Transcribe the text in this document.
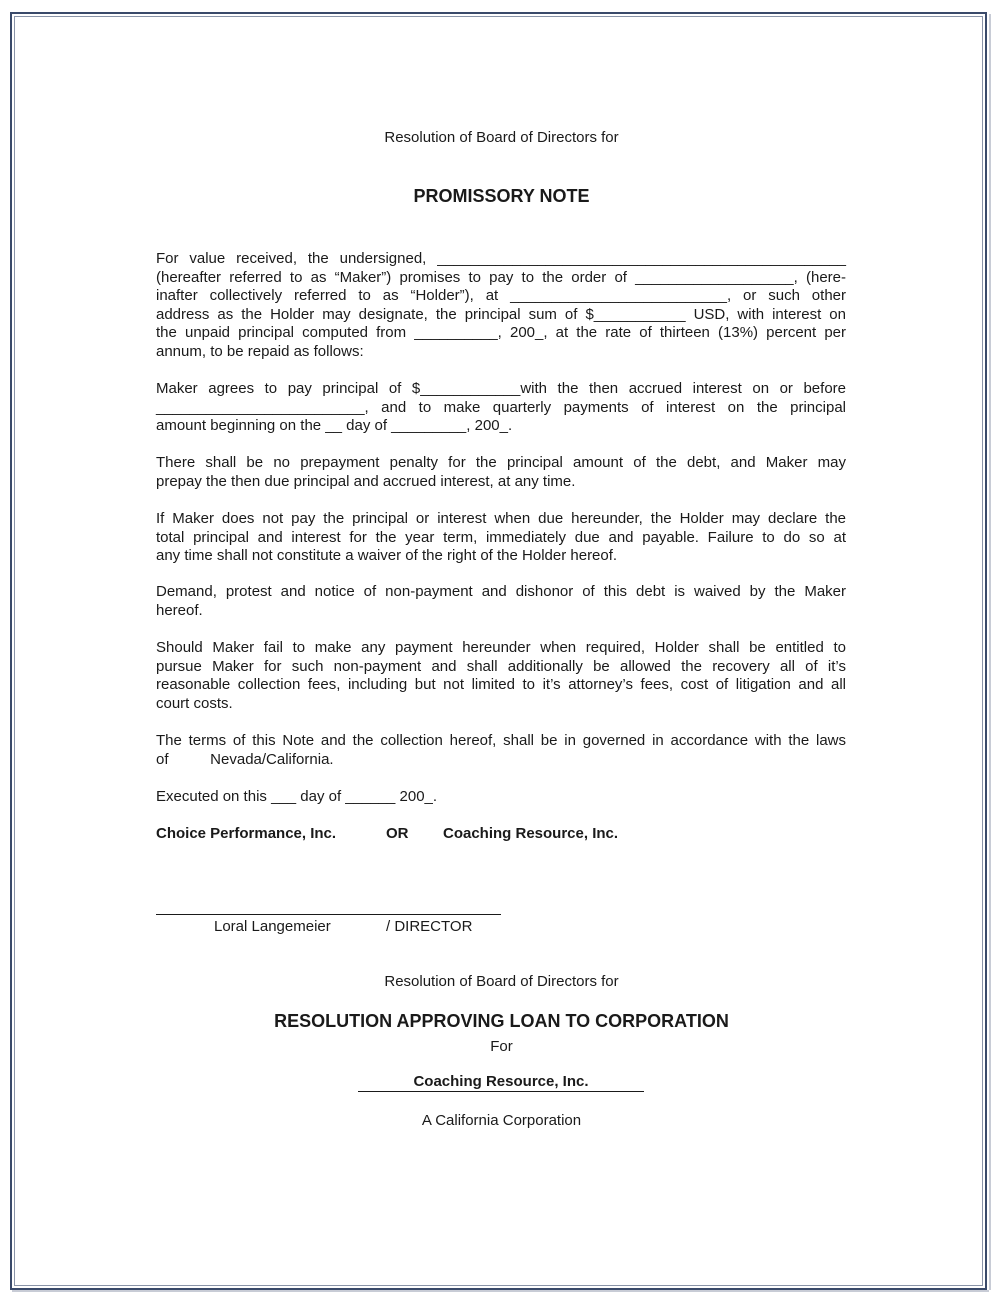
Resolution of Board of Directors for
PROMISSORY NOTE
For value received, the undersigned, _________________________________________________
(hereafter referred to as “Maker”) promises to pay to the order of ___________________, (here-
inafter collectively referred to as “Holder”), at __________________________, or such other
address as the Holder may designate, the principal sum of $___________ USD, with interest on
the unpaid principal computed from __________, 200_, at the rate of thirteen (13%) percent per
annum, to be repaid as follows:
Maker agrees to pay principal of $____________with the then accrued interest on or before
_________________________, and to make quarterly payments of interest on the principal
amount beginning on the __ day of _________, 200_.
There shall be no prepayment penalty for the principal amount of the debt, and Maker may
prepay the then due principal and accrued interest, at any time.
If Maker does not pay the principal or interest when due hereunder, the Holder may declare the
total principal and interest for the year term, immediately due and payable. Failure to do so at
any time shall not constitute a waiver of the right of the Holder hereof.
Demand, protest and notice of non-payment and dishonor of this debt is waived by the Maker
hereof.
Should Maker fail to make any payment hereunder when required, Holder shall be entitled to
pursue Maker for such non-payment and shall additionally be allowed the recovery all of it’s
reasonable collection fees, including but not limited to it’s attorney’s fees, cost of litigation and all
court costs.
The terms of this Note and the collection hereof, shall be in governed in accordance with the laws
of          Nevada/California.
Executed on this ___ day of ______ 200_.
Choice Performance, Inc.	OR Coaching Resource, Inc.
Loral Langemeier	/ DIRECTOR
Resolution of Board of Directors for
RESOLUTION APPROVING LOAN TO CORPORATION
For
Coaching Resource, Inc.
A California Corporation
